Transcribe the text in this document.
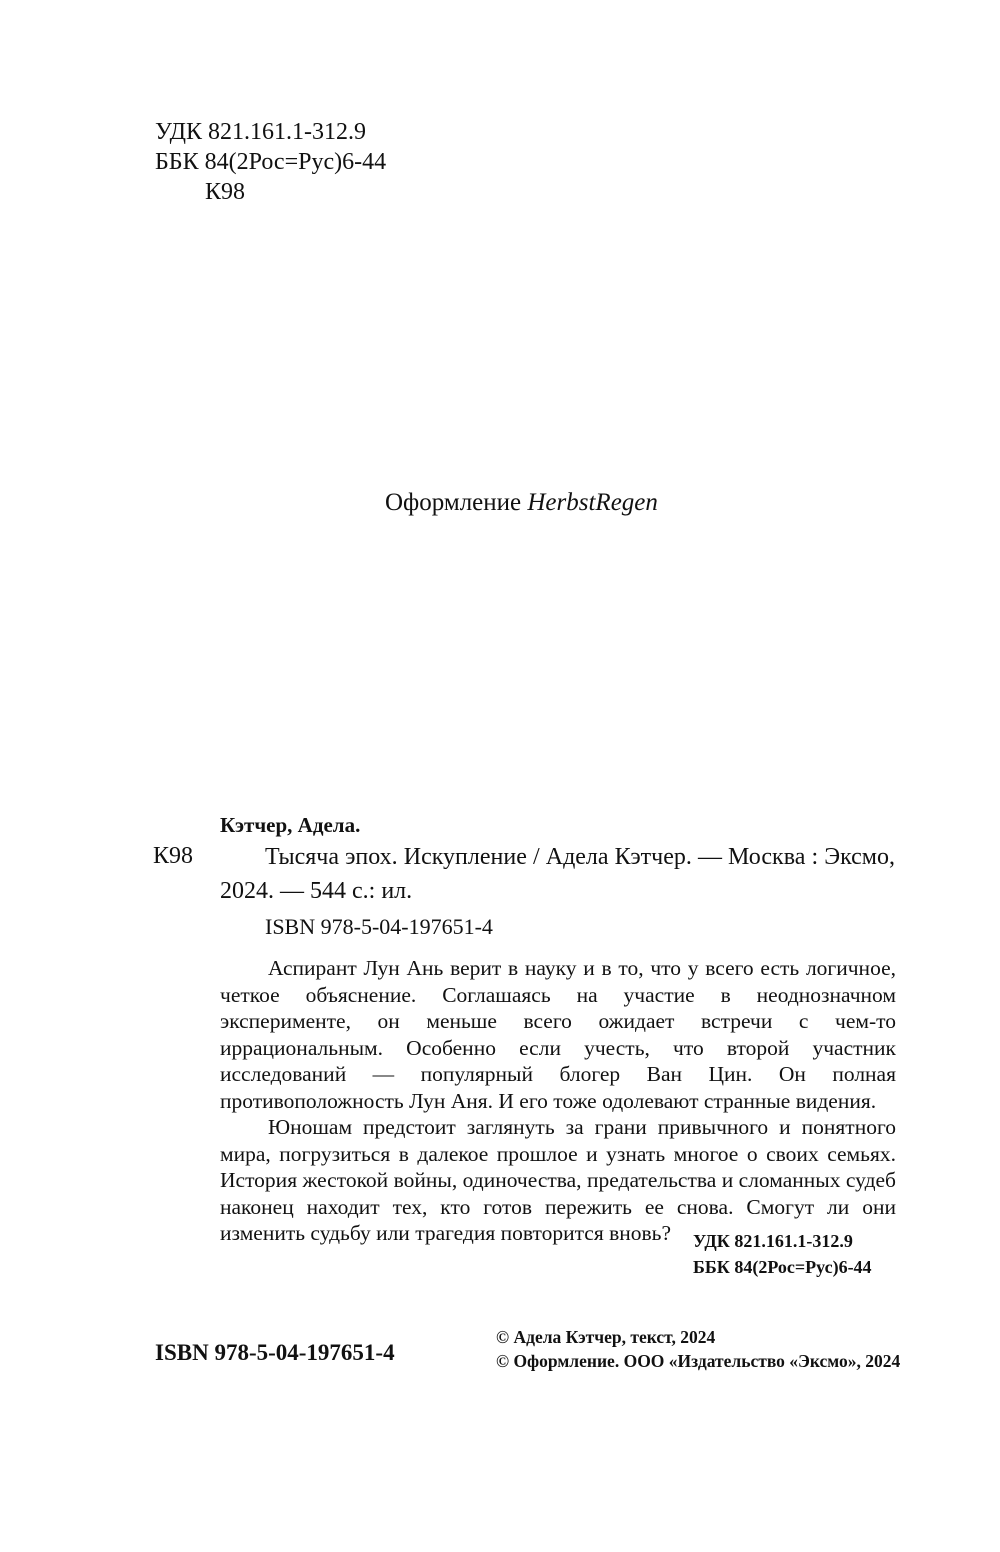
УДК 821.161.1-312.9
ББК 84(2Рос=Рус)6-44
К98
Оформление HerbstRegen
Кэтчер, Адела.
К98	Тысяча эпох. Искупление / Адела Кэтчер. — Москва : Эксмо, 2024. — 544 с.: ил.
ISBN 978-5-04-197651-4

Аспирант Лун Ань верит в науку и в то, что у всего есть логичное, четкое объяснение. Соглашаясь на участие в неоднозначном эксперименте, он меньше всего ожидает встречи с чем-то иррациональным. Особенно если учесть, что второй участник исследований — популярный блогер Ван Цин. Он полная противоположность Лун Аня. И его тоже одолевают странные видения.

Юношам предстоит заглянуть за грани привычного и понятного мира, погрузиться в далекое прошлое и узнать многое о своих семьях. История жестокой войны, одиночества, предательства и сломанных судеб наконец находит тех, кто готов пережить ее снова. Смогут ли они изменить судьбу или трагедия повторится вновь?	УДК 821.161.1-312.9
ББК 84(2Рос=Рус)6-44
ISBN 978-5-04-197651-4
© Адела Кэтчер, текст, 2024
© Оформление. ООО «Издательство «Эксмо», 2024
